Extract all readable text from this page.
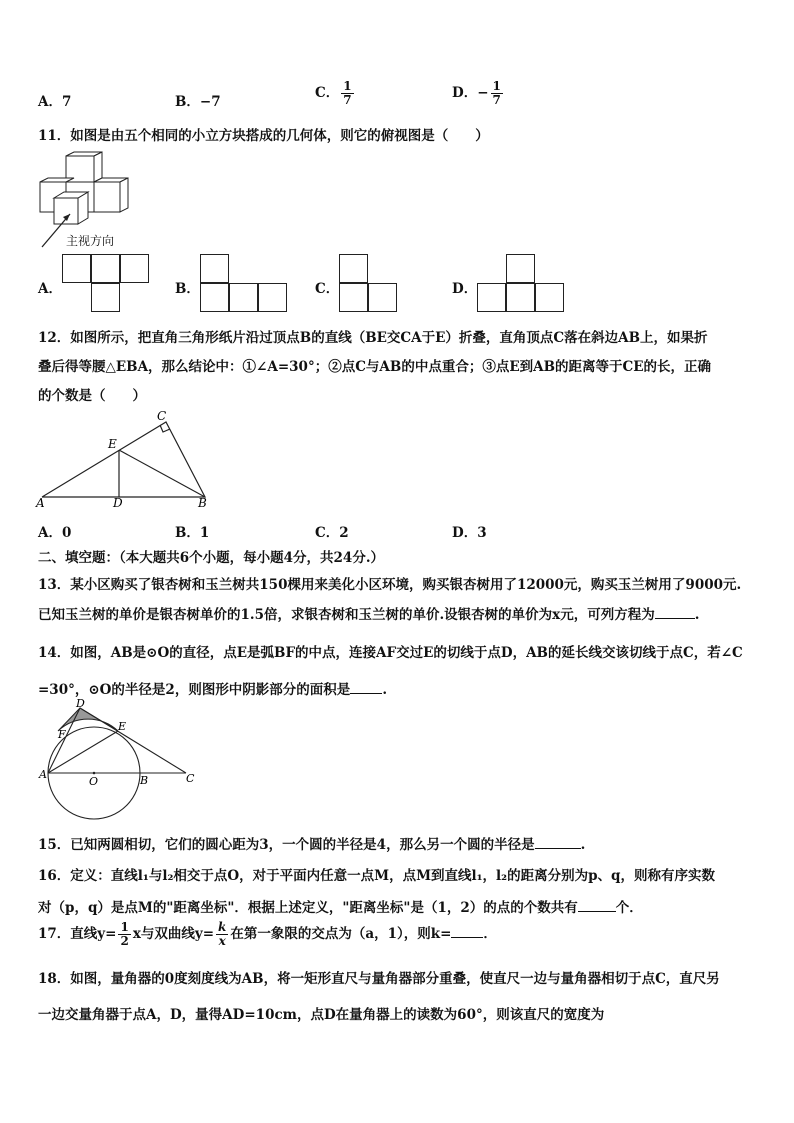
A．7	B．−7
C． $\frac{1}{7}$	D．− $\frac{1}{7}$
11．如图是由五个相同的小立方块搭成的几何体，则它的俯视图是（　　）
主视方向
A．	B．	C．	D．
12．如图所示，把直角三角形纸片沿过顶点B的直线（BE交CA于E）折叠，直角顶点C落在斜边AB上，如果折
叠后得等腰△EBA，那么结论中：①∠A=30°；②点C与AB的中点重合；③点E到AB的距离等于CE的长，正确
的个数是（　　）
A	D	B
C
E
A．0	B．1	C．2	D．3
二、填空题：（本大题共6个小题，每小题4分，共24分.）
13．某小区购买了银杏树和玉兰树共150棵用来美化小区环境，购买银杏树用了12000元，购买玉兰树用了9000元.
已知玉兰树的单价是银杏树单价的1.5倍，求银杏树和玉兰树的单价.设银杏树的单价为x元，可列方程为	.
14．如图，AB是⊙O的直径，点E是弧BF的中点，连接AF交过E的切线于点D，AB的延长线交该切线于点C，若∠C
=30°，⊙O的半径是2，则图形中阴影部分的面积是 .
A	B	C
D
E
F
O
15．已知两圆相切，它们的圆心距为3，一个圆的半径是4，那么另一个圆的半径是	.
16．定义：直线l₁与l₂相交于点O，对于平面内任意一点M，点M到直线l₁，l₂的距离分别为p、q，则称有序实数
对（p，q）是点M的"距离坐标"．根据上述定义，"距离坐标"是（1，2）的点的个数共有	个．
17．直线$y= \frac{1}{2}$ x与双曲线$y= \frac{k}{x}$ 在第一象限的交点为（a，1），则k= ．
18．如图，量角器的0度刻度线为AB，将一矩形直尺与量角器部分重叠，使直尺一边与量角器相切于点C，直尺另
一边交量角器于点A，D，量得AD=10cm，点D在量角器上的读数为60°，则该直尺的宽度为
